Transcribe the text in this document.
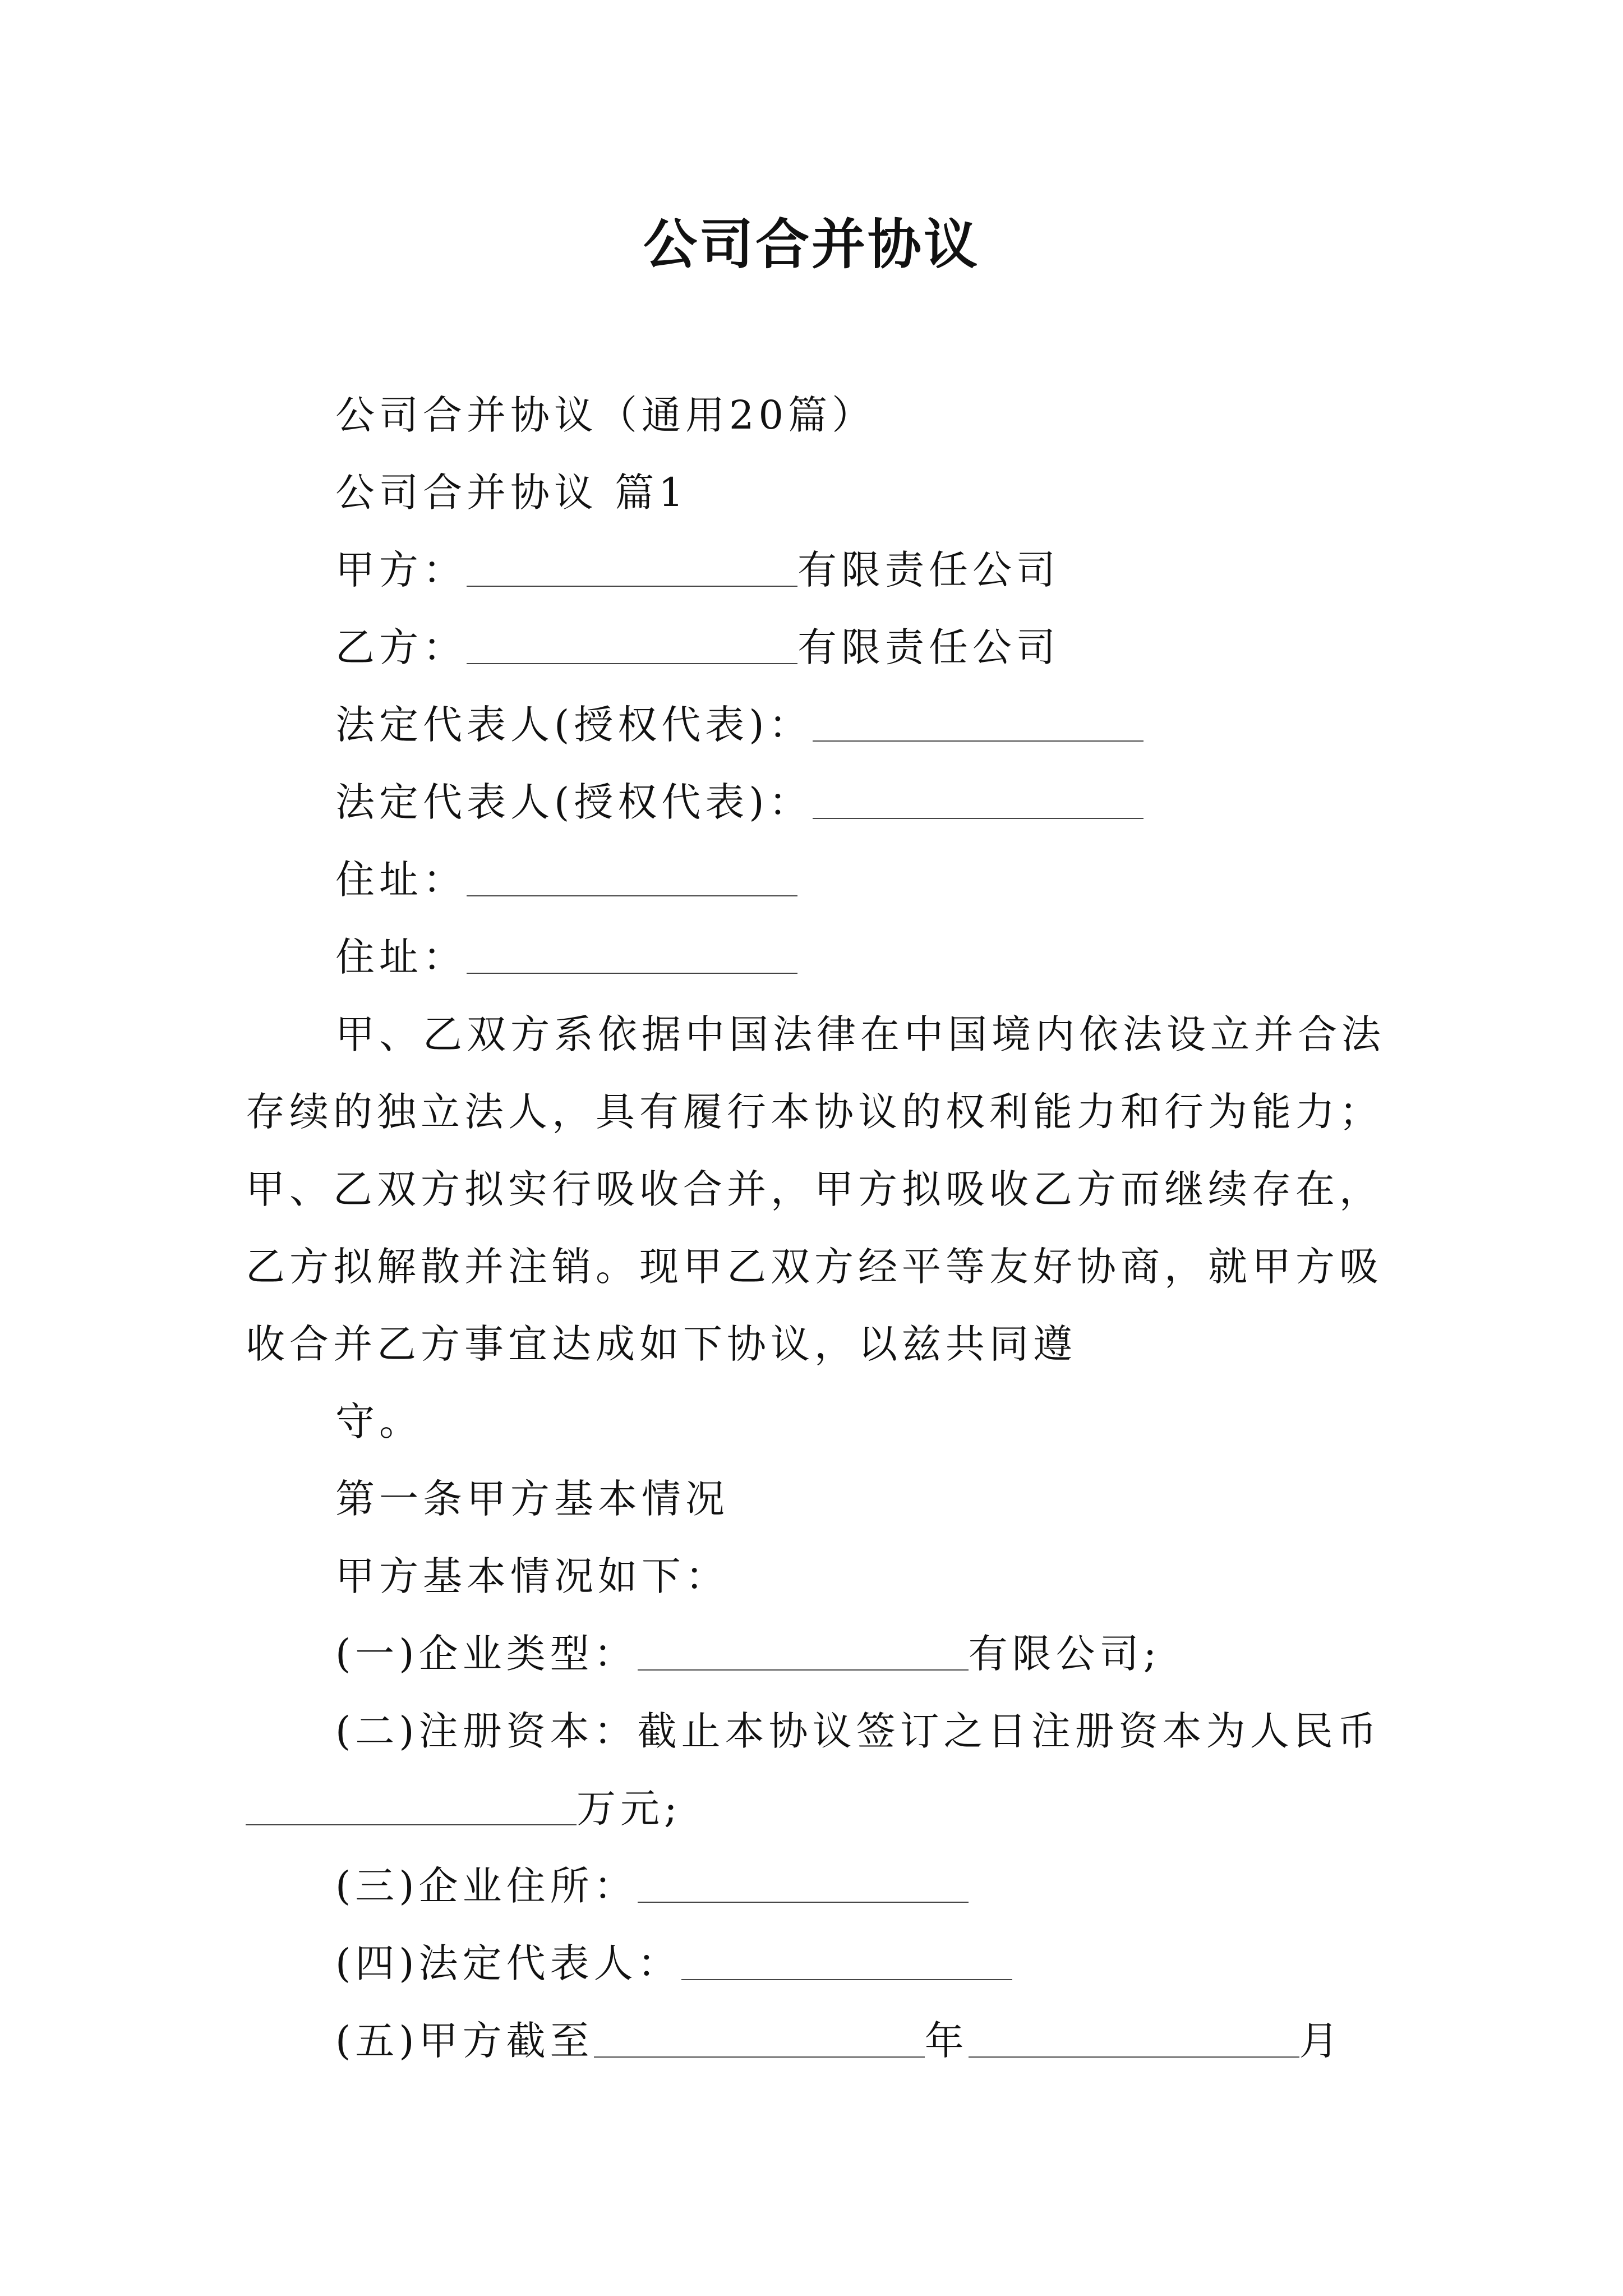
公司合并协议
公司合并协议（通用20篇）
公司合并协议 篇1
甲方：	有限责任公司
乙方：	有限责任公司
法定代表人(授权代表)：
法定代表人(授权代表)：
住址：
住址：
甲、乙双方系依据中国法律在中国境内依法设立并合法
存续的独立法人，具有履行本协议的权利能力和行为能力；
甲、乙双方拟实行吸收合并，甲方拟吸收乙方而继续存在，
乙方拟解散并注销。现甲乙双方经平等友好协商，就甲方吸
收合并乙方事宜达成如下协议，以兹共同遵
守。
第一条甲方基本情况
甲方基本情况如下：
(一)企业类型：	有限公司;
(二)注册资本：截止本协议签订之日注册资本为人民币
万元;
(三)企业住所：
(四)法定代表人：
(五)甲方截至	年	月
